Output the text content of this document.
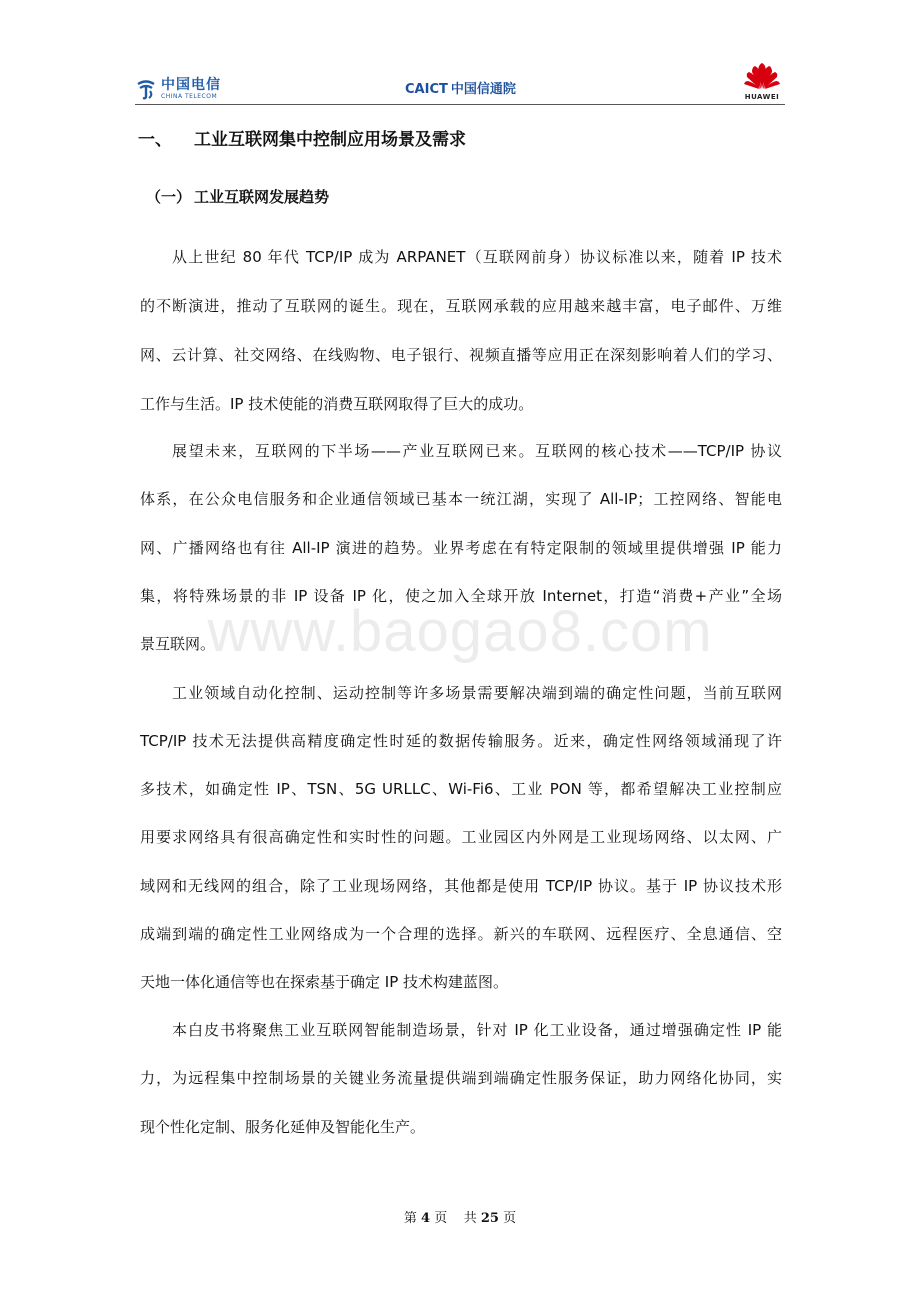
中国电信
CHINA TELECOM	CAICT 中国信通院	HUAWEI
一、 工业互联网集中控制应用场景及需求
（一） 工业互联网发展趋势
从上世纪 80 年代 TCP/IP 成为 ARPANET（互联网前身）协议标准以来，随着 IP 技术
的不断演进，推动了互联网的诞生。现在，互联网承载的应用越来越丰富，电子邮件、万维
网、云计算、社交网络、在线购物、电子银行、视频直播等应用正在深刻影响着人们的学习、
工作与生活。IP 技术使能的消费互联网取得了巨大的成功。
展望未来，互联网的下半场——产业互联网已来。互联网的核心技术——TCP/IP 协议
体系，在公众电信服务和企业通信领域已基本一统江湖，实现了 All-IP；工控网络、智能电
网、广播网络也有往 All-IP 演进的趋势。业界考虑在有特定限制的领域里提供增强 IP 能力
集，将特殊场景的非 IP 设备 IP 化，使之加入全球开放 Internet，打造“消费+产业”全场
景互联网。
工业领域自动化控制、运动控制等许多场景需要解决端到端的确定性问题，当前互联网
TCP/IP 技术无法提供高精度确定性时延的数据传输服务。近来，确定性网络领域涌现了许
多技术，如确定性 IP、TSN、5G URLLC、Wi-Fi6、工业 PON 等，都希望解决工业控制应
用要求网络具有很高确定性和实时性的问题。工业园区内外网是工业现场网络、以太网、广
域网和无线网的组合，除了工业现场网络，其他都是使用 TCP/IP 协议。基于 IP 协议技术形
成端到端的确定性工业网络成为一个合理的选择。新兴的车联网、远程医疗、全息通信、空
天地一体化通信等也在探索基于确定 IP 技术构建蓝图。
本白皮书将聚焦工业互联网智能制造场景，针对 IP 化工业设备，通过增强确定性 IP 能
力，为远程集中控制场景的关键业务流量提供端到端确定性服务保证，助力网络化协同，实
现个性化定制、服务化延伸及智能化生产。
www.baogao8.com
第 4 页 共 25 页
